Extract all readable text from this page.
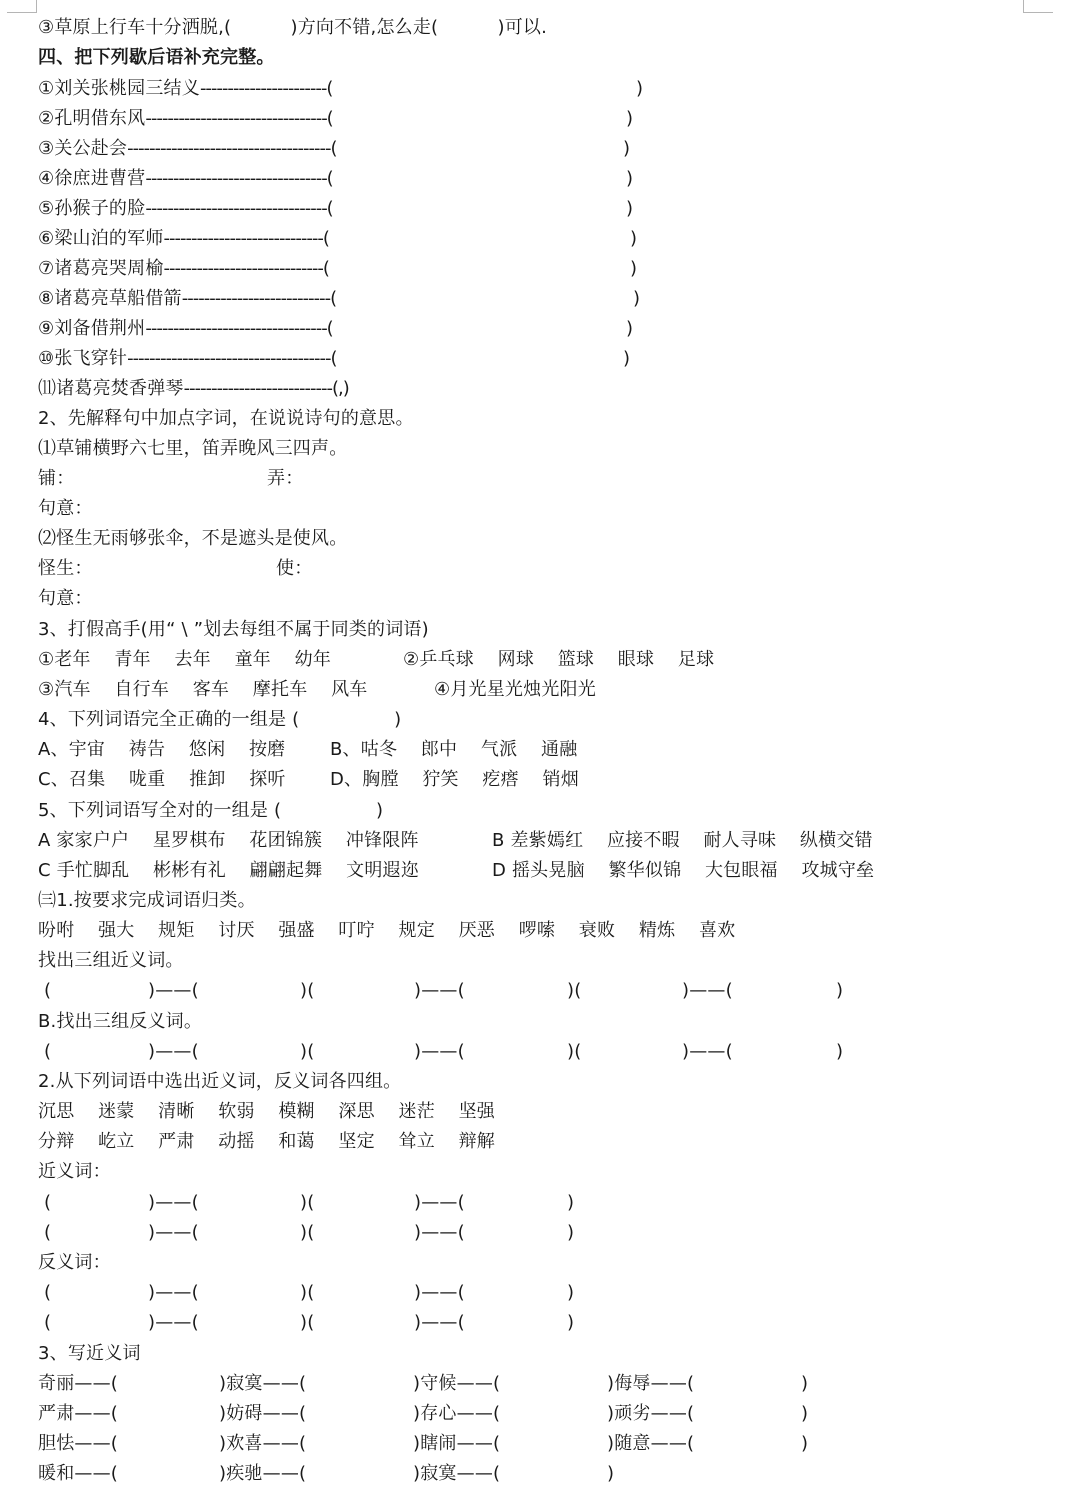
③草原上行车十分洒脱,(          )方向不错,怎么走(          )可以.
四、把下列歇后语补充完整。
①刘关张桃园三结义-----------------------(	)
②孔明借东风---------------------------------(	)
③关公赴会-------------------------------------(	)
④徐庶进曹营---------------------------------(	)
⑤孙猴子的脸---------------------------------(	)
⑥梁山泊的军师-----------------------------(	)
⑦诸葛亮哭周榆-----------------------------(	)
⑧诸葛亮草船借箭---------------------------(	)
⑨刘备借荆州---------------------------------(	)
⑩张飞穿针-------------------------------------(	)
⑾诸葛亮焚香弹琴---------------------------(,)
2、先解释句中加点字词，在说说诗句的意思。
⑴草铺横野六七里，笛弄晚风三四声。
铺：	弄：
句意：
⑵怪生无雨够张伞，不是遮头是使风。
怪生：	使：
句意：
3、打假高手(用“ \ ”划去每组不属于同类的词语)
①老年    青年    去年    童年    幼年	②乒乓球    网球    篮球    眼球    足球
③汽车    自行车    客车    摩托车    风车	④月光星光烛光阳光
4、下列词语完全正确的一组是 (                )
A、宇宙    祷告    悠闲    按磨 B、咕冬    郎中    气派    通融
C、召集    咙重    推卸    探听 D、胸膛    狞笑    疙瘩    销烟
5、下列词语写全对的一组是 (                )
A 家家户户    星罗棋布    花团锦簇    冲锋限阵	B 差紫嫣红    应接不暇    耐人寻味    纵横交错
C 手忙脚乱    彬彬有礼    翩翩起舞    文明遐迩	D 摇头晃脑    繁华似锦    大包眼福    攻城守垒
㈢1.按要求完成词语归类。
吩咐    强大    规矩    讨厌    强盛    叮咛    规定    厌恶    啰嗦    衰败    精炼    喜欢
找出三组近义词。
(	)——(	)(	)——(	)(	)——(	)
B.找出三组反义词。
(	)——(	)(	)——(	)(	)——(	)
2.从下列词语中选出近义词，反义词各四组。
沉思    迷蒙    清晰    软弱    模糊    深思    迷茫    坚强
分辩    屹立    严肃    动摇    和蔼    坚定    耸立    辩解
近义词：
(	)——(	)(	)——(	)
(	)——(	)(	)——(	)
反义词：
(	)——(	)(	)——(	)
(	)——(	)(	)——(	)
3、写近义词
奇丽——(	)寂寞——(	)守候——(	)侮辱——(	)
严肃——(	)妨碍——(	)存心——(	)顽劣——(	)
胆怯——(	)欢喜——(	)瞎闹——(	)随意——(	)
暖和——(	)疾驰——(	)寂寞——(	)
